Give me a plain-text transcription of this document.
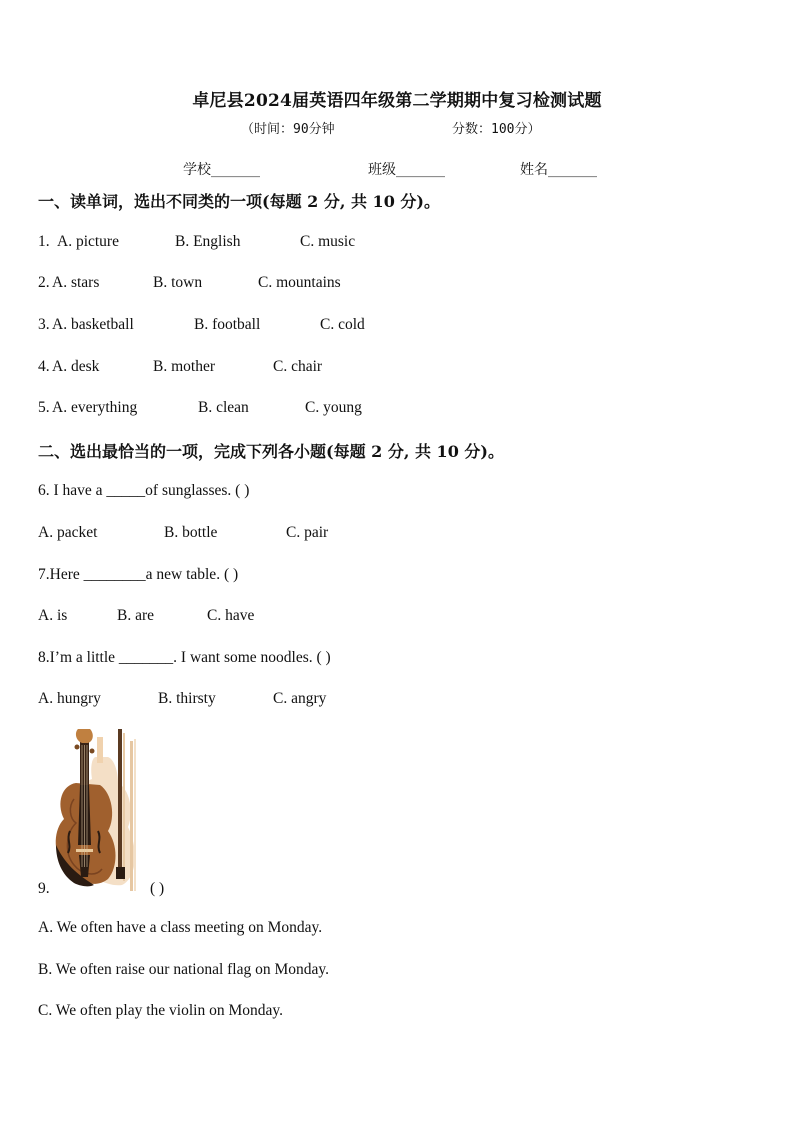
卓尼县2024届英语四年级第二学期期中复习检测试题
（时间：90分钟	分数：100分）
学校_______	班级_______	姓名_______
一、读单词，选出不同类的一项(每题 2 分, 共 10 分)。
1. A. picture	B. English	C. music
2. A. stars	B. town	C. mountains
3. A. basketball	B. football	C. cold
4. A. desk	B. mother	C. chair
5. A. everything	B. clean	C. young
二、选出最恰当的一项，完成下列各小题(每题 2 分, 共 10 分)。
6. I have a _____of sunglasses. ( )
A. packet	B. bottle	C. pair
7.Here ________a new table. ( )
A. is	B. are	C. have
8.I’m a little _______. I want some noodles. ( )
A. hungry	B. thirsty	C. angry
9.	( )
A. We often have a class meeting on Monday.
B. We often raise our national flag on Monday.
C. We often play the violin on Monday.
